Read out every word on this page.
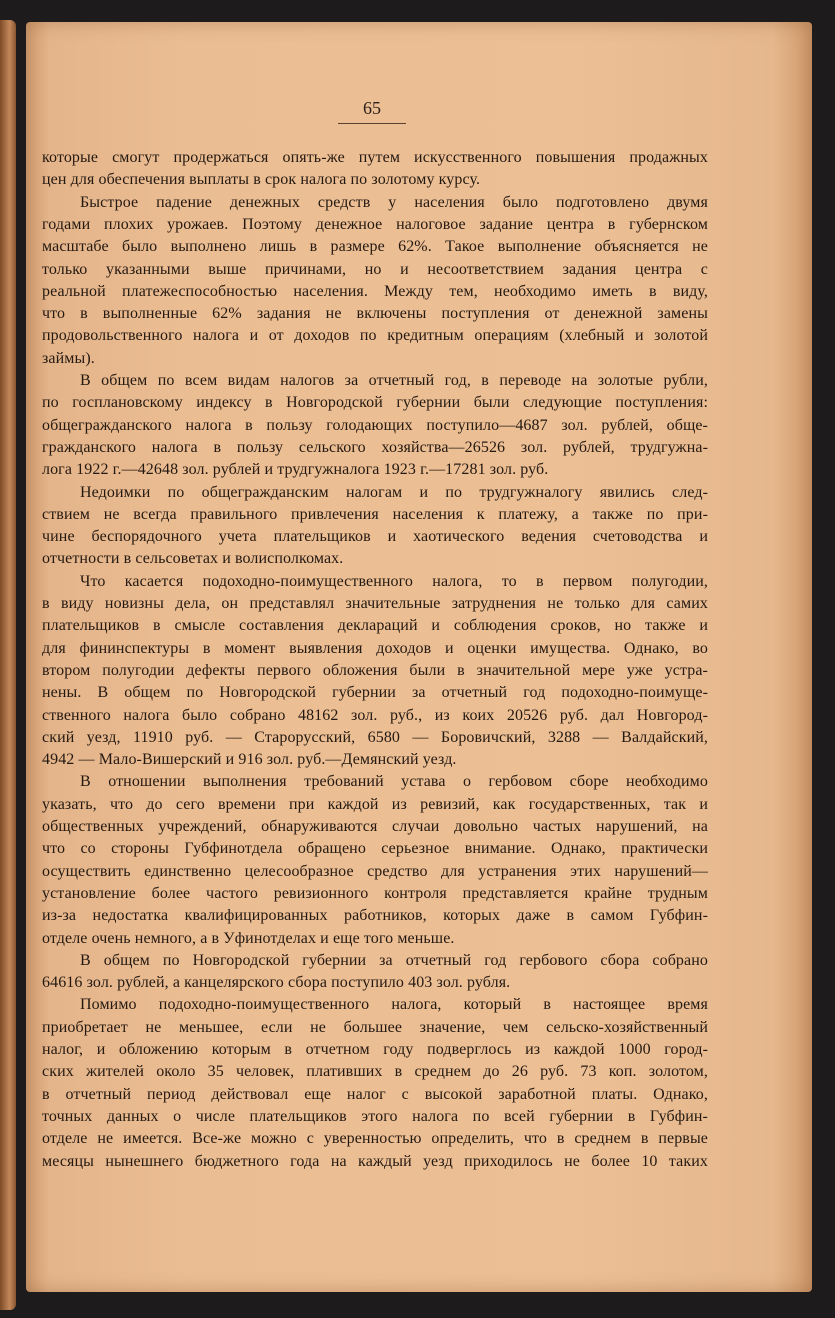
65
которые смогут продержаться опять-же путем искусственного повышения продажных
цен для обеспечения выплаты в срок налога по золотому курсу.
Быстрое падение денежных средств у населения было подготовлено двумя
годами плохих урожаев. Поэтому денежное налоговое задание центра в губернском
масштабе было выполнено лишь в размере 62%. Такое выполнение объясняется не
только указанными выше причинами, но и несоответствием задания центра с
реальной платежеспособностью населения. Между тем, необходимо иметь в виду,
что в выполненные 62% задания не включены поступления от денежной замены
продовольственного налога и от доходов по кредитным операциям (хлебный и золотой
займы).
В общем по всем видам налогов за отчетный год, в переводе на золотые рубли,
по госплановскому индексу в Новгородской губернии были следующие поступления:
общегражданского налога в пользу голодающих поступило—4687 зол. рублей, обще-
гражданского налога в пользу сельского хозяйства—26526 зол. рублей, трудгужна-
лога 1922 г.—42648 зол. рублей и трудгужналога 1923 г.—17281 зол. руб.
Недоимки по общегражданским налогам и по трудгужналогу явились след-
ствием не всегда правильного привлечения населения к платежу, а также по при-
чине беспорядочного учета плательщиков и хаотического ведения счетоводства и
отчетности в сельсоветах и волисполкомах.
Что касается подоходно-поимущественного налога, то в первом полугодии,
в виду новизны дела, он представлял значительные затруднения не только для самих
плательщиков в смысле составления деклараций и соблюдения сроков, но также и
для фининспектуры в момент выявления доходов и оценки имущества. Однако, во
втором полугодии дефекты первого обложения были в значительной мере уже устра-
нены. В общем по Новгородской губернии за отчетный год подоходно-поимуще-
ственного налога было собрано 48162 зол. руб., из коих 20526 руб. дал Новгород-
ский уезд, 11910 руб. — Старорусский, 6580 — Боровичский, 3288 — Валдайский,
4942 — Мало-Вишерский и 916 зол. руб.—Демянский уезд.
В отношении выполнения требований устава о гербовом сборе необходимо
указать, что до сего времени при каждой из ревизий, как государственных, так и
общественных учреждений, обнаруживаются случаи довольно частых нарушений, на
что со стороны Губфинотдела обращено серьезное внимание. Однако, практически
осуществить единственно целесообразное средство для устранения этих нарушений—
установление более частого ревизионного контроля представляется крайне трудным
из-за недостатка квалифицированных работников, которых даже в самом Губфин-
отделе очень немного, а в Уфинотделах и еще того меньше.
В общем по Новгородской губернии за отчетный год гербового сбора собрано
64616 зол. рублей, а канцелярского сбора поступило 403 зол. рубля.
Помимо подоходно-поимущественного налога, который в настоящее время
приобретает не меньшее, если не большее значение, чем сельско-хозяйственный
налог, и обложению которым в отчетном году подверглось из каждой 1000 город-
ских жителей около 35 человек, плативших в среднем до 26 руб. 73 коп. золотом,
в отчетный период действовал еще налог с высокой заработной платы. Однако,
точных данных о числе плательщиков этого налога по всей губернии в Губфин-
отделе не имеется. Все-же можно с уверенностью определить, что в среднем в первые
месяцы нынешнего бюджетного года на каждый уезд приходилось не более 10 таких
